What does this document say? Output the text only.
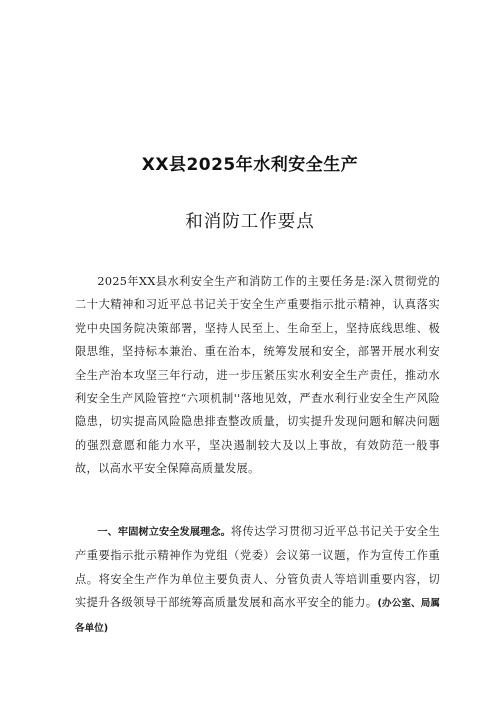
XX县2025年水利安全生产
和消防工作要点

2025年XX县水利安全生产和消防工作的主要任务是:深入贯彻党的二十大精神和习近平总书记关于安全生产重要指示批示精神，认真落实党中央国务院决策部署，坚持人民至上、生命至上，坚持底线思维、极限思维，坚持标本兼治、重在治本，统筹发展和安全，部署开展水利安全生产治本攻坚三年行动，进一步压紧压实水利安全生产责任，推动水利安全生产风险管控“六项机制''落地见效，严查水利行业安全生产风险隐患，切实提高风险隐患排查整改质量，切实提升发现问题和解决问题的强烈意愿和能力水平，坚决遏制较大及以上事故，有效防范一般事故，以高水平安全保障高质量发展。

一、牢固树立安全发展理念。将传达学习贯彻习近平总书记关于安全生产重要指示批示精神作为党组（党委）会议第一议题，作为宣传工作重点。将安全生产作为单位主要负责人、分管负责人等培训重要内容，切实提升各级领导干部统筹高质量发展和高水平安全的能力。(办公室、局属各单位)
